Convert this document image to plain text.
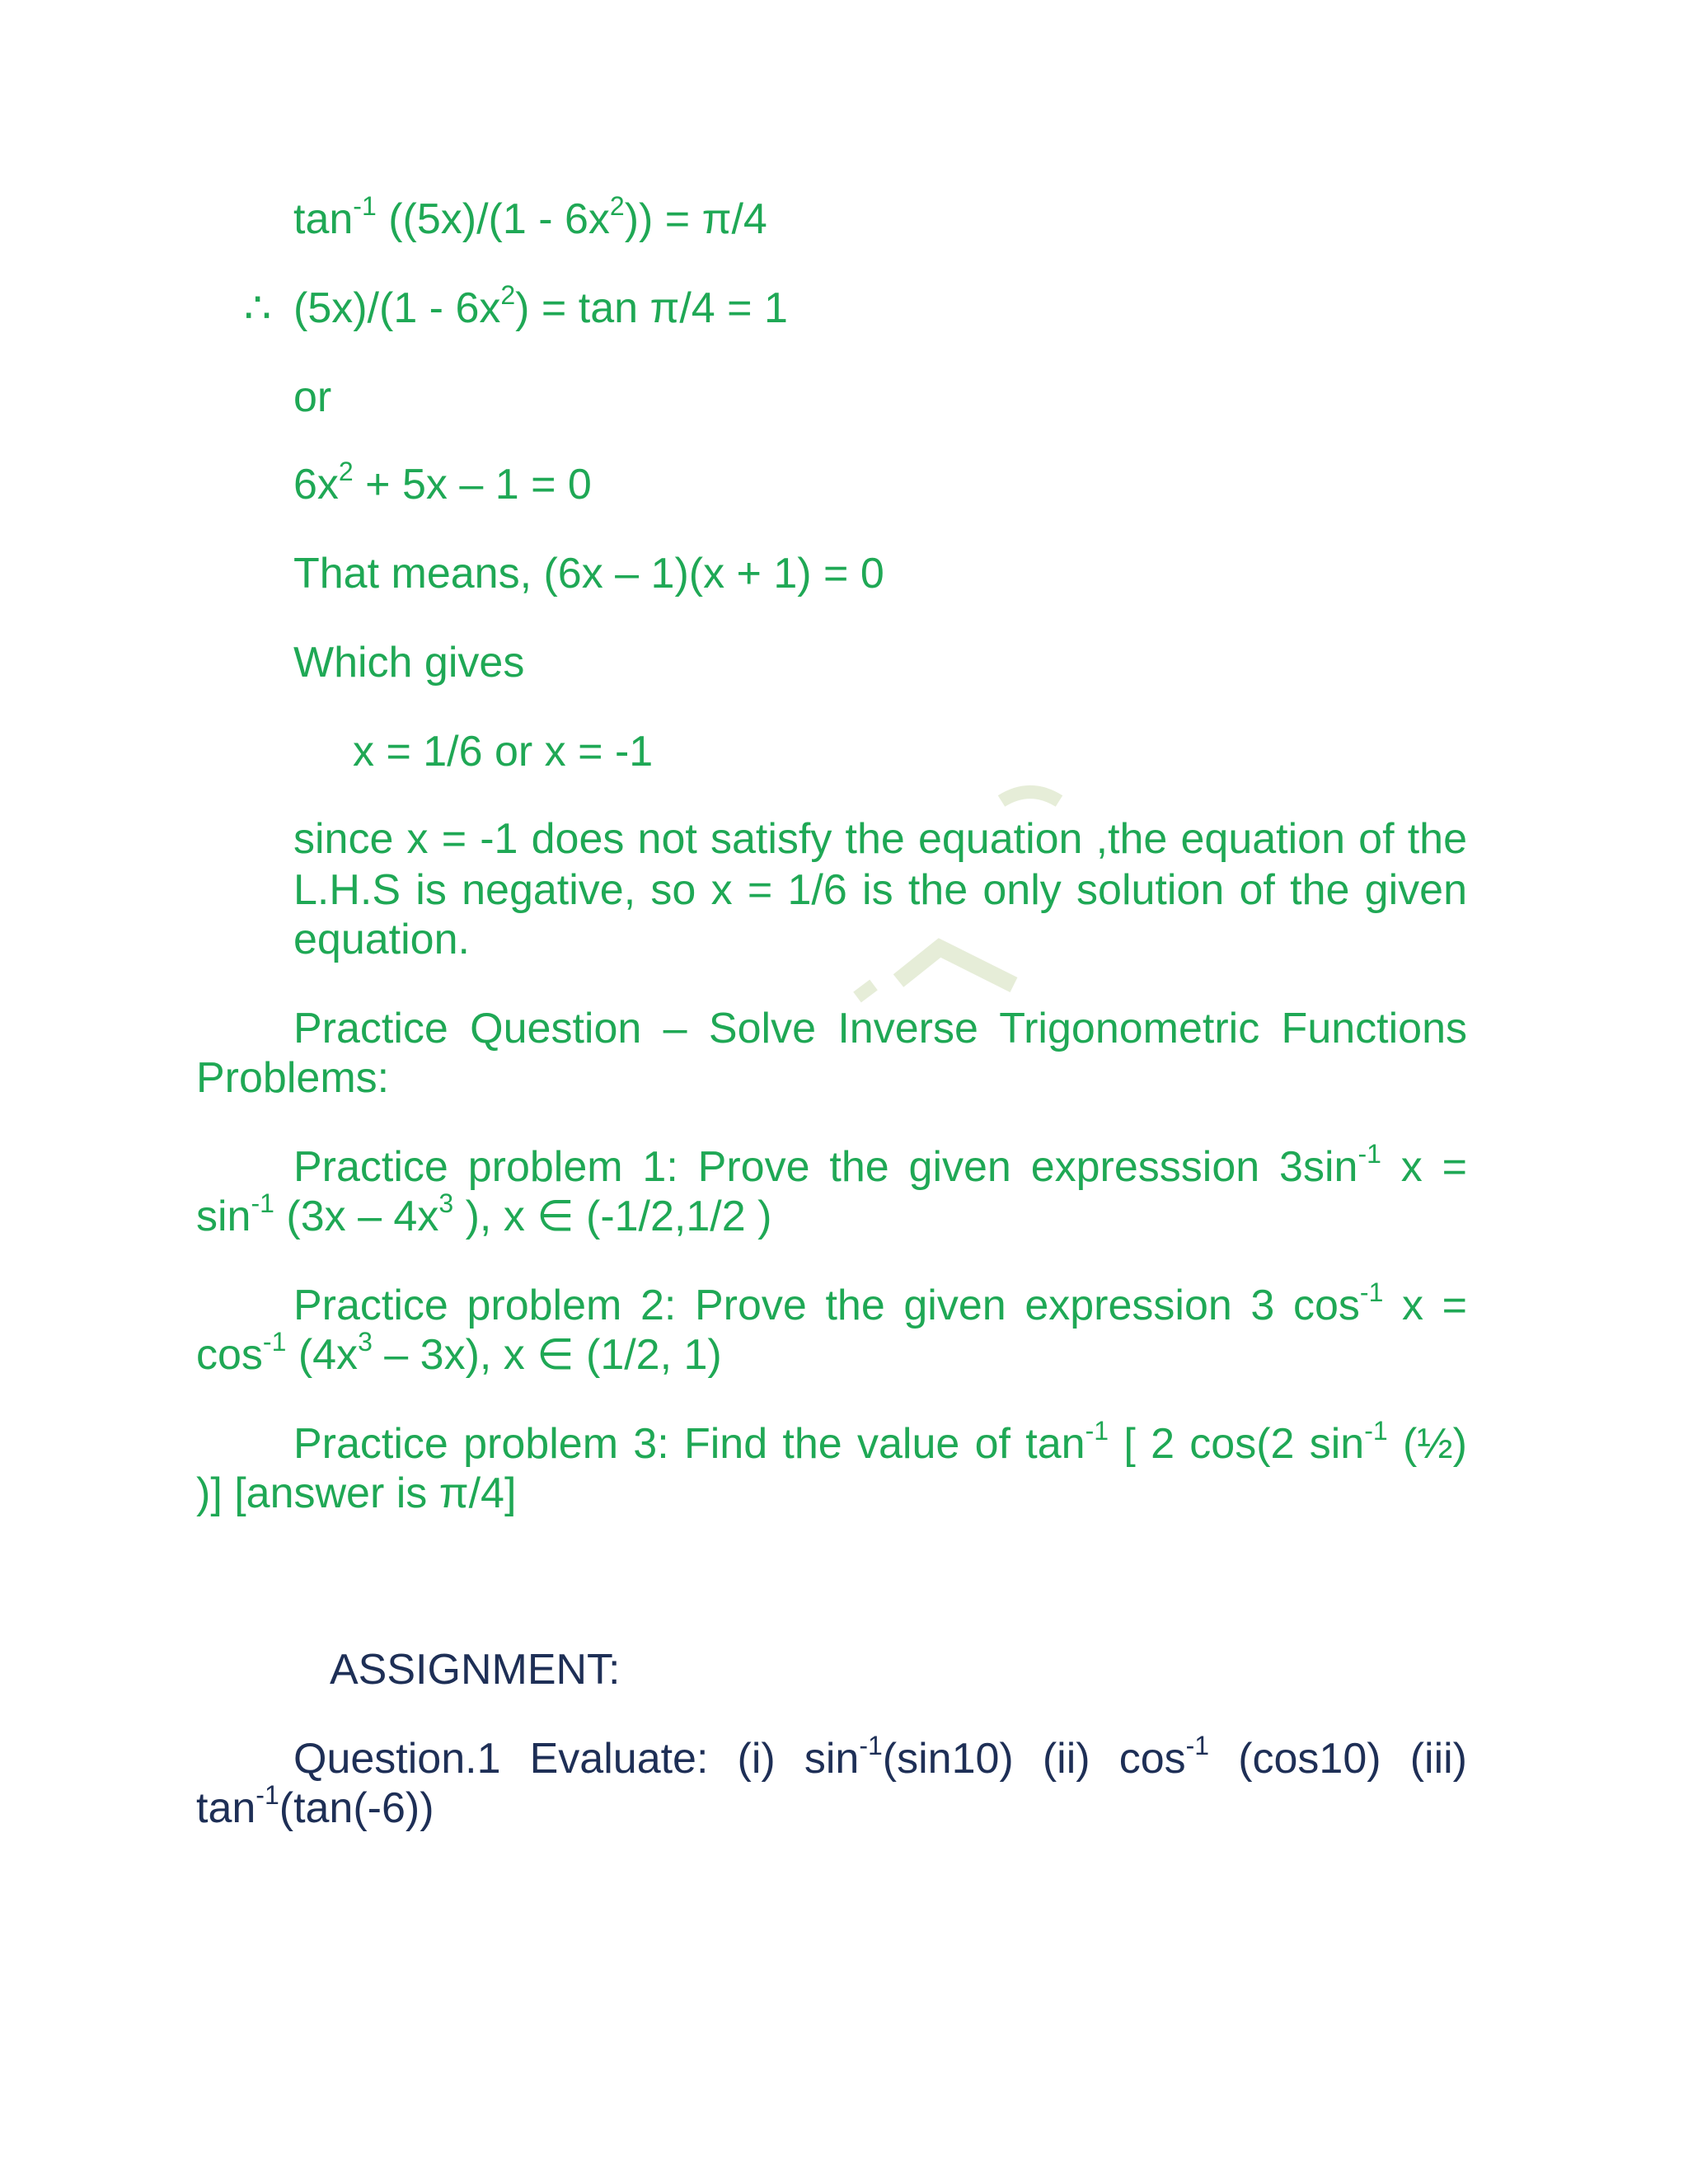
$\tan^{-1} ((5x)/(1 - 6x^2)) = \pi/4$
∴ $(5x)/(1 - 6x^2) = \tan \pi/4 = 1$
or
$6x^2 + 5x - 1 = 0$
That means, (6x – 1)(x + 1) = 0
Which gives
x = 1/6 or x = -1
since x = -1 does not satisfy the equation ,the equation of the
L.H.S is negative, so x = 1/6 is the only solution of the given
equation.
Practice Question – Solve Inverse Trigonometric Functions
Problems:
Practice problem 1: Prove the given expresssion $3\sin^{-1}$ x =
$\sin^{-1} (3x - 4x^3$ ), x ∈ (-1/2,1/2 )
Practice problem 2: Prove the given expression 3 $\cos^{-1} x$ =
$\cos^{-1} (4x^3 - 3x)$, x ∈ (1/2, 1)
Practice problem 3: Find the value of $\tan^{-1}$ [ 2 cos(2 $\sin^{-1}$ (½)
)] [answer is π/4]
ASSIGNMENT:
Question.1 Evaluate: (i) $\sin^{-1}(\sin 10)$ (ii) $\cos^{-1} (\cos 10)$ (iii)
$\tan^{-1}(\tan(-6))$
